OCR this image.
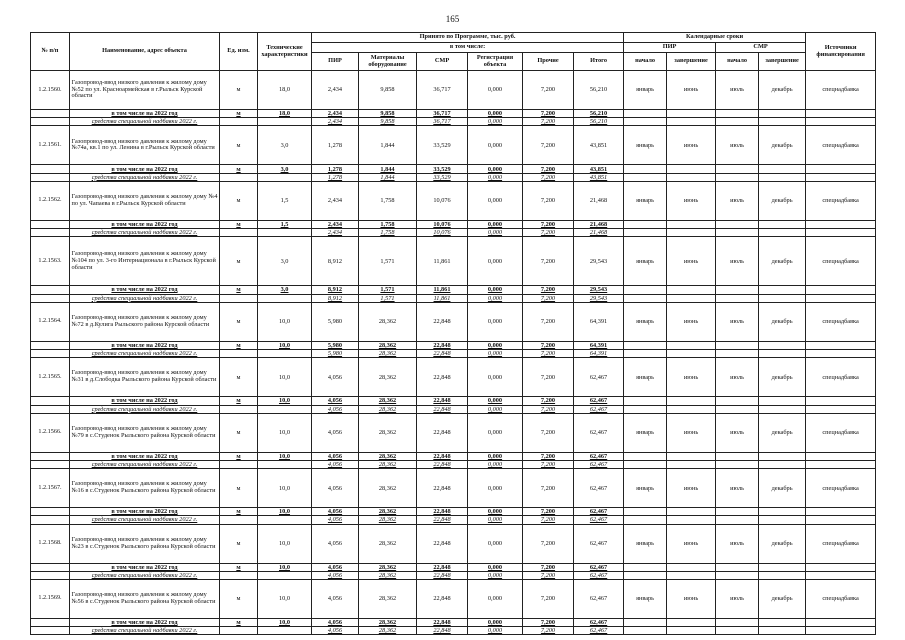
165
№ п/п	Наименование, адрес объекта	Ед. изм.	Технические характеристики	Принято по Программе, тыс. руб.						Календарные сроки				Источники финансирования
				в том числе:						ПИР		СМР		
				ПИР	Материалы оборудование	СМР	Регистрация объекта	Прочие	Итого	начало	завершение	начало	завершение	
1.2.1560.	Газопровод-ввод низкого давления к жилому дому №52 по ул. Красноармейская в г.Рыльск Курской области	м	18,0	2,434	9,858	36,717	0,000	7,200	56,210	январь	июнь	июль	декабрь	спецнадбавка
	в том числе на 2022 год	м	18,0	2,434	9,858	36,717	0,000	7,200	56,210					
	средства специальной надбавки 2022 г.			2,434	9,858	36,717	0,000	7,200	56,210					
1.2.1561.	Газопровод-ввод низкого давления к жилому дому №74а, кв.1 по ул. Ленина в г.Рыльск Курской области	м	3,0	1,278	1,844	33,529	0,000	7,200	43,851	январь	июнь	июль	декабрь	спецнадбавка
	в том числе на 2022 год	м	3,0	1,278	1,844	33,529	0,000	7,200	43,851					
	средства специальной надбавки 2022 г.			1,278	1,844	33,529	0,000	7,200	43,851					
1.2.1562.	Газопровод-ввод низкого давления к жилому дому №4 по ул. Чапаева в г.Рыльск Курской области	м	1,5	2,434	1,758	10,076	0,000	7,200	21,468	январь	июнь	июль	декабрь	спецнадбавка
	в том числе на 2022 год	м	1,5	2,434	1,758	10,076	0,000	7,200	21,468					
	средства специальной надбавки 2022 г.			2,434	1,758	10,076	0,000	7,200	21,468					
1.2.1563.	Газопровод-ввод низкого давления к жилому дому №104 по ул. 3-го Интернационала в г.Рыльск Курской области	м	3,0	8,912	1,571	11,861	0,000	7,200	29,543	январь	июнь	июль	декабрь	спецнадбавка
	в том числе на 2022 год	м	3,0	8,912	1,571	11,861	0,000	7,200	29,543					
	средства специальной надбавки 2022 г.			8,912	1,571	11,861	0,000	7,200	29,543					
1.2.1564.	Газопровод-ввод низкого давления к жилому дому №72 в д.Кулига Рыльского района Курской области	м	10,0	5,980	28,362	22,848	0,000	7,200	64,391	январь	июнь	июль	декабрь	спецнадбавка
	в том числе на 2022 год	м	10,0	5,980	28,362	22,848	0,000	7,200	64,391					
	средства специальной надбавки 2022 г.			5,980	28,362	22,848	0,000	7,200	64,391					
1.2.1565.	Газопровод-ввод низкого давления к жилому дому №31 в д.Слободка Рыльского района Курской области	м	10,0	4,056	28,362	22,848	0,000	7,200	62,467	январь	июнь	июль	декабрь	спецнадбавка
	в том числе на 2022 год	м	10,0	4,056	28,362	22,848	0,000	7,200	62,467					
	средства специальной надбавки 2022 г.			4,056	28,362	22,848	0,000	7,200	62,467					
1.2.1566.	Газопровод-ввод низкого давления к жилому дому №79 в с.Студенок Рыльского района Курской области	м	10,0	4,056	28,362	22,848	0,000	7,200	62,467	январь	июнь	июль	декабрь	спецнадбавка
	в том числе на 2022 год	м	10,0	4,056	28,362	22,848	0,000	7,200	62,467					
	средства специальной надбавки 2022 г.			4,056	28,362	22,848	0,000	7,200	62,467					
1.2.1567.	Газопровод-ввод низкого давления к жилому дому №16 в с.Студенок Рыльского района Курской области	м	10,0	4,056	28,362	22,848	0,000	7,200	62,467	январь	июнь	июль	декабрь	спецнадбавка
	в том числе на 2022 год	м	10,0	4,056	28,362	22,848	0,000	7,200	62,467					
	средства специальной надбавки 2022 г.			4,056	28,362	22,848	0,000	7,200	62,467					
1.2.1568.	Газопровод-ввод низкого давления к жилому дому №23 в с.Студенок Рыльского района Курской области	м	10,0	4,056	28,362	22,848	0,000	7,200	62,467	январь	июнь	июль	декабрь	спецнадбавка
	в том числе на 2022 год	м	10,0	4,056	28,362	22,848	0,000	7,200	62,467					
	средства специальной надбавки 2022 г.			4,056	28,362	22,848	0,000	7,200	62,467					
1.2.1569.	Газопровод-ввод низкого давления к жилому дому №56 в с.Студенок Рыльского района Курской области	м	10,0	4,056	28,362	22,848	0,000	7,200	62,467	январь	июнь	июль	декабрь	спецнадбавка
	в том числе на 2022 год	м	10,0	4,056	28,362	22,848	0,000	7,200	62,467					
	средства специальной надбавки 2022 г.			4,056	28,362	22,848	0,000	7,200	62,467					
